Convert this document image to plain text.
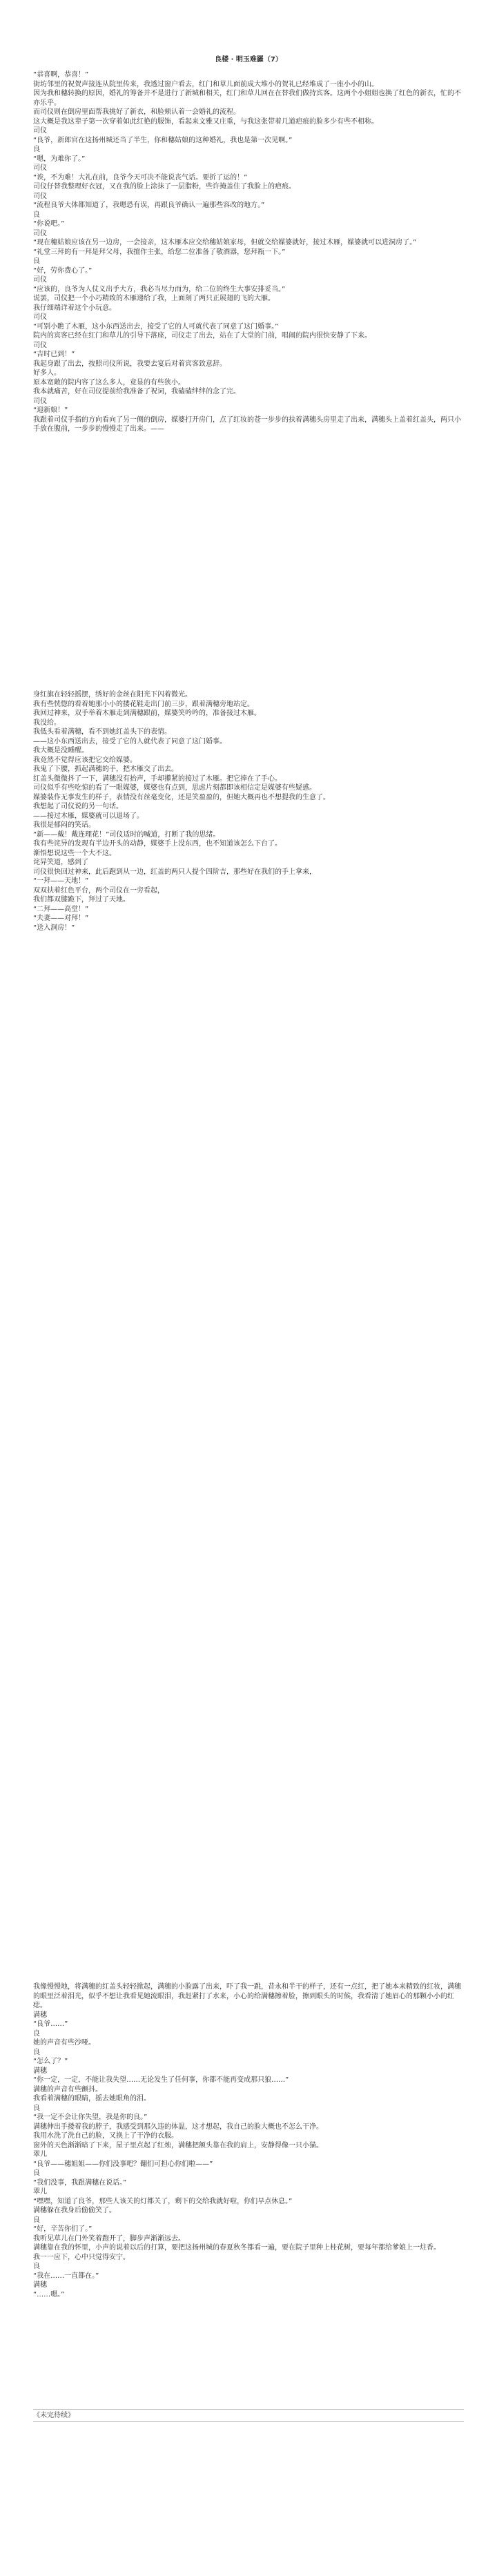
良楼 · 明玉难羅（7）

“恭喜啊，恭喜！”

街坊邻里的祝贺声接连从院里传来，我透过窗户看去，红门和草儿面前成大堆小的贺礼已经堆成了一座小小的山。

因为我和穗转换的原因，婚礼的筹备并不是进行了新城和相关，红门和草儿回在在替我们做持宾客。这两个小姐姐也换了红色的新衣，忙的不亦乐乎。

而司仪则在倒房里面帮我挑好了新衣，和脸颊认着一会婚礼的流程。

这大概是我这辈子第一次穿着如此红艳的服饰，看起来文雅又庄重，与我这张带着几道疤痕的脸多少有些不相称。

司仪

“良爷，新郎官在这扬州城还当了半生，你和穗姑娘的这种婚礼，我也是第一次见啊。”

良

“嗯，为难你了。”

司仪

“诶，不为难！大礼在前，良爷今天可决不能说丧气话。要折了运的！”

司仪仔替我整理好衣冠，又在我的脸上涂抹了一层脂粉，些许掩盖住了我脸上的疤痕。

司仪

“流程良爷大体都知道了，我嗯恐有误，再跟良爷确认一遍那些容改的地方。”

良

“你说吧。”

司仪

“现在穗姑娘应该在另一边房，一会接亲，这木雁本应交给穗姑娘家母，但就交给媒婆就好，接过木雁，媒婆就可以进洞房了。”

“礼堂三拜的有一拜是拜父母，我擅作主张，给您二位准备了敬酒器，您拜瓶一下。”

良

“好，劳你费心了。”

司仪

“应该的，良爷为人仗义出手大方，我必当尽力而为，给二位的终生大事安排妥当。”

说罢，司仪把一个小巧精致的木雁递给了我，上面刻了两只正展翅的飞的大雁。

我仔细端详着这个小玩意。

司仪

“可别小瞧了木雁，这小东西送出去，接受了它的人可就代表了同意了这门婚事。”

院内的宾客已经在红门和草儿的引导下落座，司仪走了出去，站在了大堂的门前，唱闹的院内很快安静了下来。

司仪

“吉时已到！”

我起身跟了出去，按照司仪所说，我要去宴后对着宾客致意辞。

好多人。

原本宽敞的院内容了这么多人，竟显的有些狭小。

我本就痛苦，好在司仪提前给我准备了祝词，我磕磕绊绊的念了完。

司仪

“迎新娘！”

我跟着司仪手指的方向看向了另一侧的倒房，媒婆打开房门，点了红妆的苍一步步的扶着满穗头房里走了出来，满穗头上盖着红盖头，两只小手放在腹前，一步步的慢慢走了出来。——

身红旗在轻轻摇摆，绣好的金丝在阳光下闪着微光。

我有些恍惚的看着她那小小的搂花鞋走出门前三步，跟着满穗旁地站定。

我回过神来，双手举着木雁走到满穗跟前，媒婆笑吟吟的，准备接过木雁。

我没给。

我低头看着满穗，看不到她红盖头下的表情。

——这小东西送出去，接受了它的人就代表了同意了这门婚事。

我大概是没睡醒。

我竟然不觉得应该把它交给媒婆。

我鬼了下腰，抓起满穗的手，把木雁交了出去。

红盖头微微抖了一下，满穗没有抬声，手却攥紧的接过了木雁。把它捧在了手心。

司仪似乎有些吃惊的看了一眼媒婆，媒婆也有点到，思虑片刻都即该相信定是媒婆有些疑惑。

媒婆装作无事发生的样子，表情没有丝毫变化，还是笑盈盈的，但她大概再也不想提我的生意了。

我想起了司仪说的另一句话。

——接过木雁，媒婆就可以退场了。

我很是郁闷的笑话。

“新——戴！戴连理花！”司仪适时的喊道，打断了我的思绪。

我有些诧异的发现有半边开头的动静，媒婆手上没东西，也不知道该怎么下台了。

渐悟想说这些一个大不这。

诧异笑道，感到了

司仪很快回过神来，此后跑到从一边，红盖的两只人提个四阶吉，那些好在我们的手上拿来，

“一拜——天地！”

双双扶着红色平台，两个司仪在一旁看起，

我们都双膝跪下，拜过了天地。

“二拜——高堂！”

“夫妻——对拜！”

“送入洞房！”

我像慢慢地，将满穗的红盖头轻轻掀起，满穗的小脸露了出来，吓了我一跳，昔永和半干的样子，还有一点红，把了她本来精致的红妆，满穗的眼里泛着泪光，似乎不想让我看见她流眼泪，我赶紧打了水来，小心的给满穗擦着脸，擦到眼头的时候，我看清了她眉心的那颗小小的红痣。

满穗

“良爷……”

良

她的声音有些沙哑。

良

“怎么了？”

满穗

“你一定，一定，不能让我失望……无论发生了任何事，你都不能再变成那只狼……”

满穗的声音有些颤抖。

我看着满穗的眼睛，摇去她眼角的泪。

良

“我一定不会让你失望，我是你的良。”

满穗伸出手搂着我的脖子，我感受到那久违的体温，这才想起，我自己的脸大概也不怎么干净。

我用水洗了洗自己的脸，又换上了干净的衣服。

窗外的天色渐渐暗了下来，屋子里点起了红烛，满穗把额头靠在我的肩上，安静得像一只小猫。

翠儿

“良爷——穗姐姐——你们没事吧？翻们可担心你们啦——”

良

“我们没事，我跟满穗在说话。”

翠儿

“嘿嘿，知道了良爷，那些人该关的灯都关了，剩下的交给我就好啦，你们早点休息。”

满穗躲在我身后偷偷笑了。

良

“好，辛苦你们了。”

我听见草儿在门外笑着跑开了，脚步声渐渐远去。

满穗靠在我的怀里，小声的说着以后的打算，要把这扬州城的春夏秋冬都看一遍，要在院子里种上桂花树，要每年都给爹娘上一炷香。

我一一应下，心中只觉得安宁。

良

“我在……一直都在。”

满穗

“……嗯。”

《未完待续》
